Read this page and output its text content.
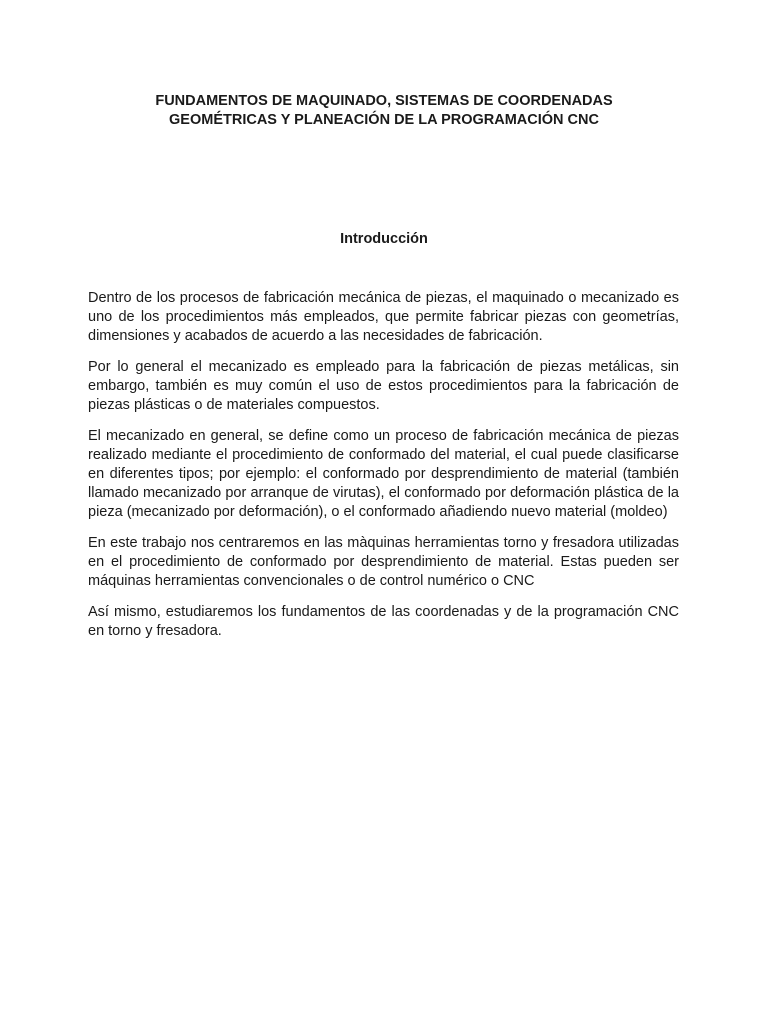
FUNDAMENTOS DE MAQUINADO, SISTEMAS DE COORDENADAS
GEOMÉTRICAS Y PLANEACIÓN DE LA PROGRAMACIÓN CNC
Introducción

Dentro de los procesos de fabricación mecánica de piezas, el maquinado o mecanizado es uno de los procedimientos más empleados, que permite fabricar piezas con geometrías, dimensiones y acabados de acuerdo a las necesidades de fabricación.

Por lo general el mecanizado es empleado para la fabricación de piezas metálicas, sin embargo, también es muy común el uso de estos procedimientos para la fabricación de piezas plásticas o de materiales compuestos.

El mecanizado en general, se define como un proceso de fabricación mecánica de piezas realizado mediante el procedimiento de conformado del material, el cual puede clasificarse en diferentes tipos; por ejemplo: el conformado por desprendimiento de material (también llamado mecanizado por arranque de virutas), el conformado por deformación plástica de la pieza (mecanizado por deformación), o el conformado añadiendo nuevo material (moldeo)

En este trabajo nos centraremos en las màquinas herramientas torno y fresadora utilizadas en el procedimiento de conformado por desprendimiento de material. Estas pueden ser máquinas herramientas convencionales o de control numérico o CNC

Así mismo, estudiaremos los fundamentos de las coordenadas y de la programación CNC en torno y fresadora.
